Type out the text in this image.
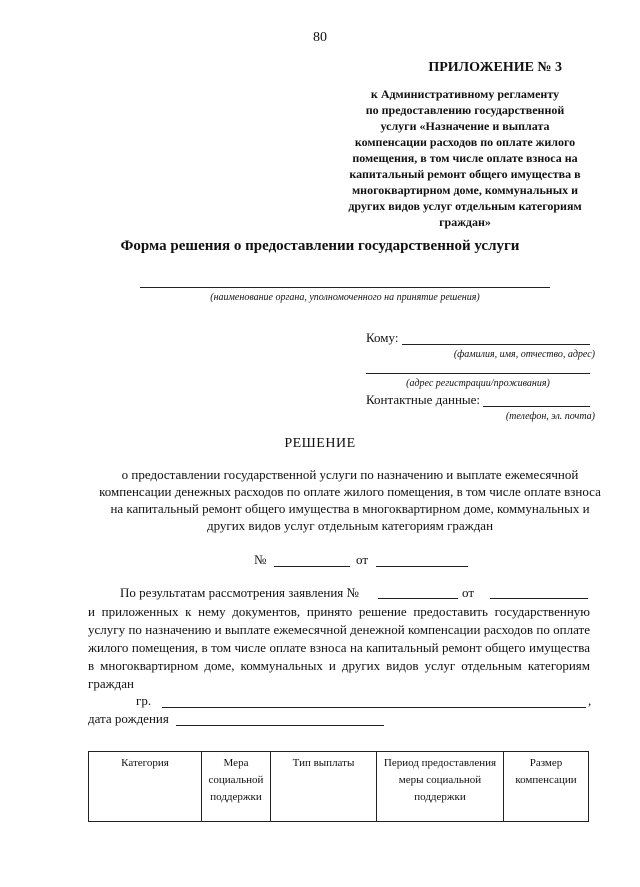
80
ПРИЛОЖЕНИЕ № 3
к Административному регламенту
по предоставлению государственной
услуги «Назначение и выплата
компенсации расходов по оплате жилого
помещения, в том числе оплате взноса на
капитальный ремонт общего имущества в
многоквартирном доме, коммунальных и
других видов услуг отдельным категориям
граждан»
Форма решения о предоставлении государственной услуги
(наименование органа, уполномоченного на принятие решения)
Кому:
(фамилия, имя, отчество, адрес)
(адрес регистрации/проживания)
Контактные данные:
(телефон, эл. почта)
РЕШЕНИЕ
о предоставлении государственной услуги по назначению и выплате ежемесячной
компенсации денежных расходов по оплате жилого помещения, в том числе оплате взноса
на капитальный ремонт общего имущества в многоквартирном доме, коммунальных и
других видов услуг отдельным категориям граждан
№	от
По результатам рассмотрения заявления №	от
и приложенных к нему документов, принято решение предоставить государственную услугу по назначению и выплате ежемесячной денежной компенсации расходов по оплате жилого помещения, в том числе оплате взноса на капитальный ремонт общего имущества в многоквартирном доме, коммунальных и других видов услуг отдельным категориям граждан
гр.	,
дата рождения
Категория	Мера социальной поддержки	Тип выплаты	Период предоставления меры социальной поддержки	Размер компенсации
